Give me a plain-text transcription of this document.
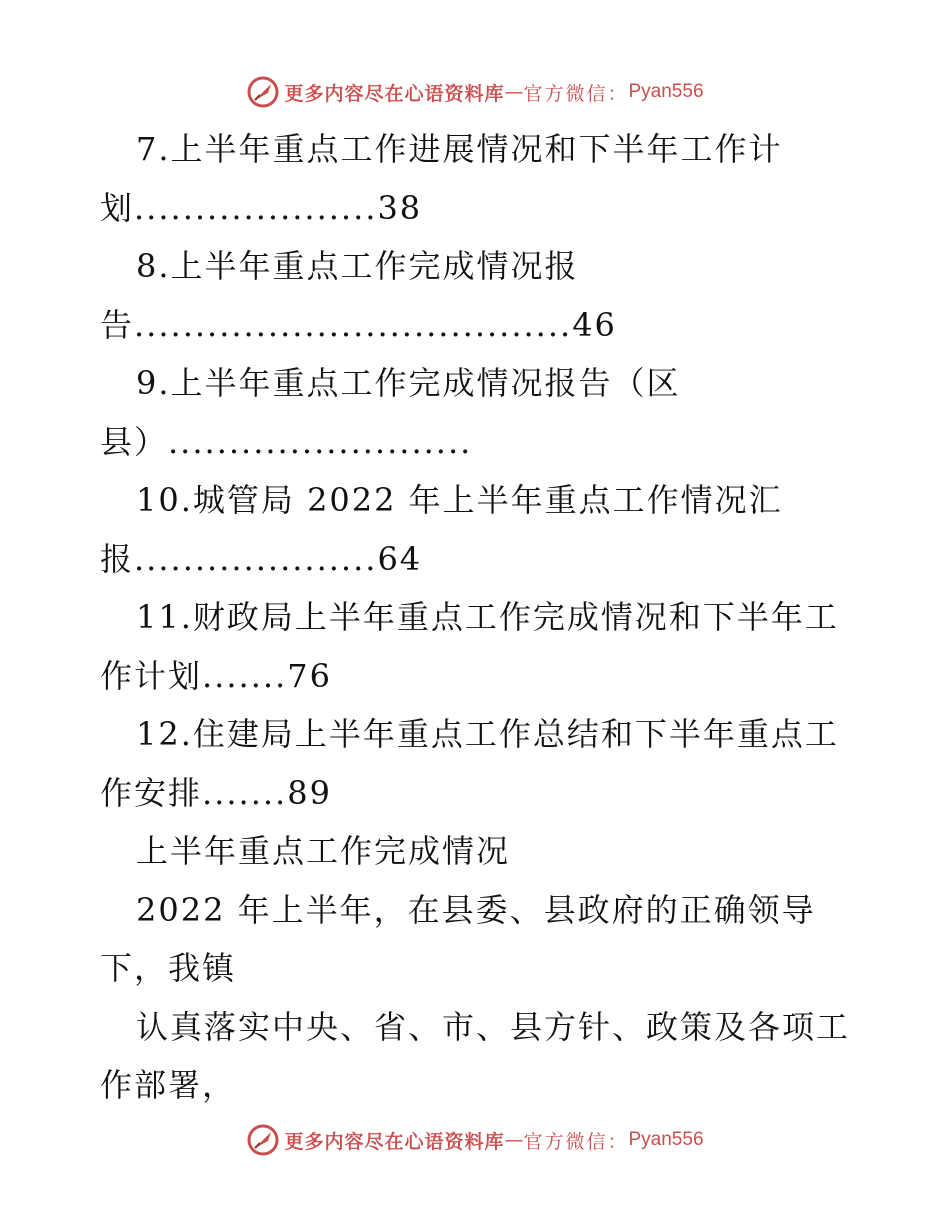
更多内容尽在心语资料库 — 官方微信： Pyan556
7.上半年重点工作进展情况和下半年工作计
划....................38
8.上半年重点工作完成情况报
告....................................46
9.上半年重点工作完成情况报告（区
县）.........................
10.城管局 2022 年上半年重点工作情况汇
报....................64
11.财政局上半年重点工作完成情况和下半年工
作计划.......76
12.住建局上半年重点工作总结和下半年重点工
作安排.......89
上半年重点工作完成情况
2022 年上半年，在县委、县政府的正确领导
下，我镇
认真落实中央、省、市、县方针、政策及各项工
作部署，
更多内容尽在心语资料库 — 官方微信： Pyan556
